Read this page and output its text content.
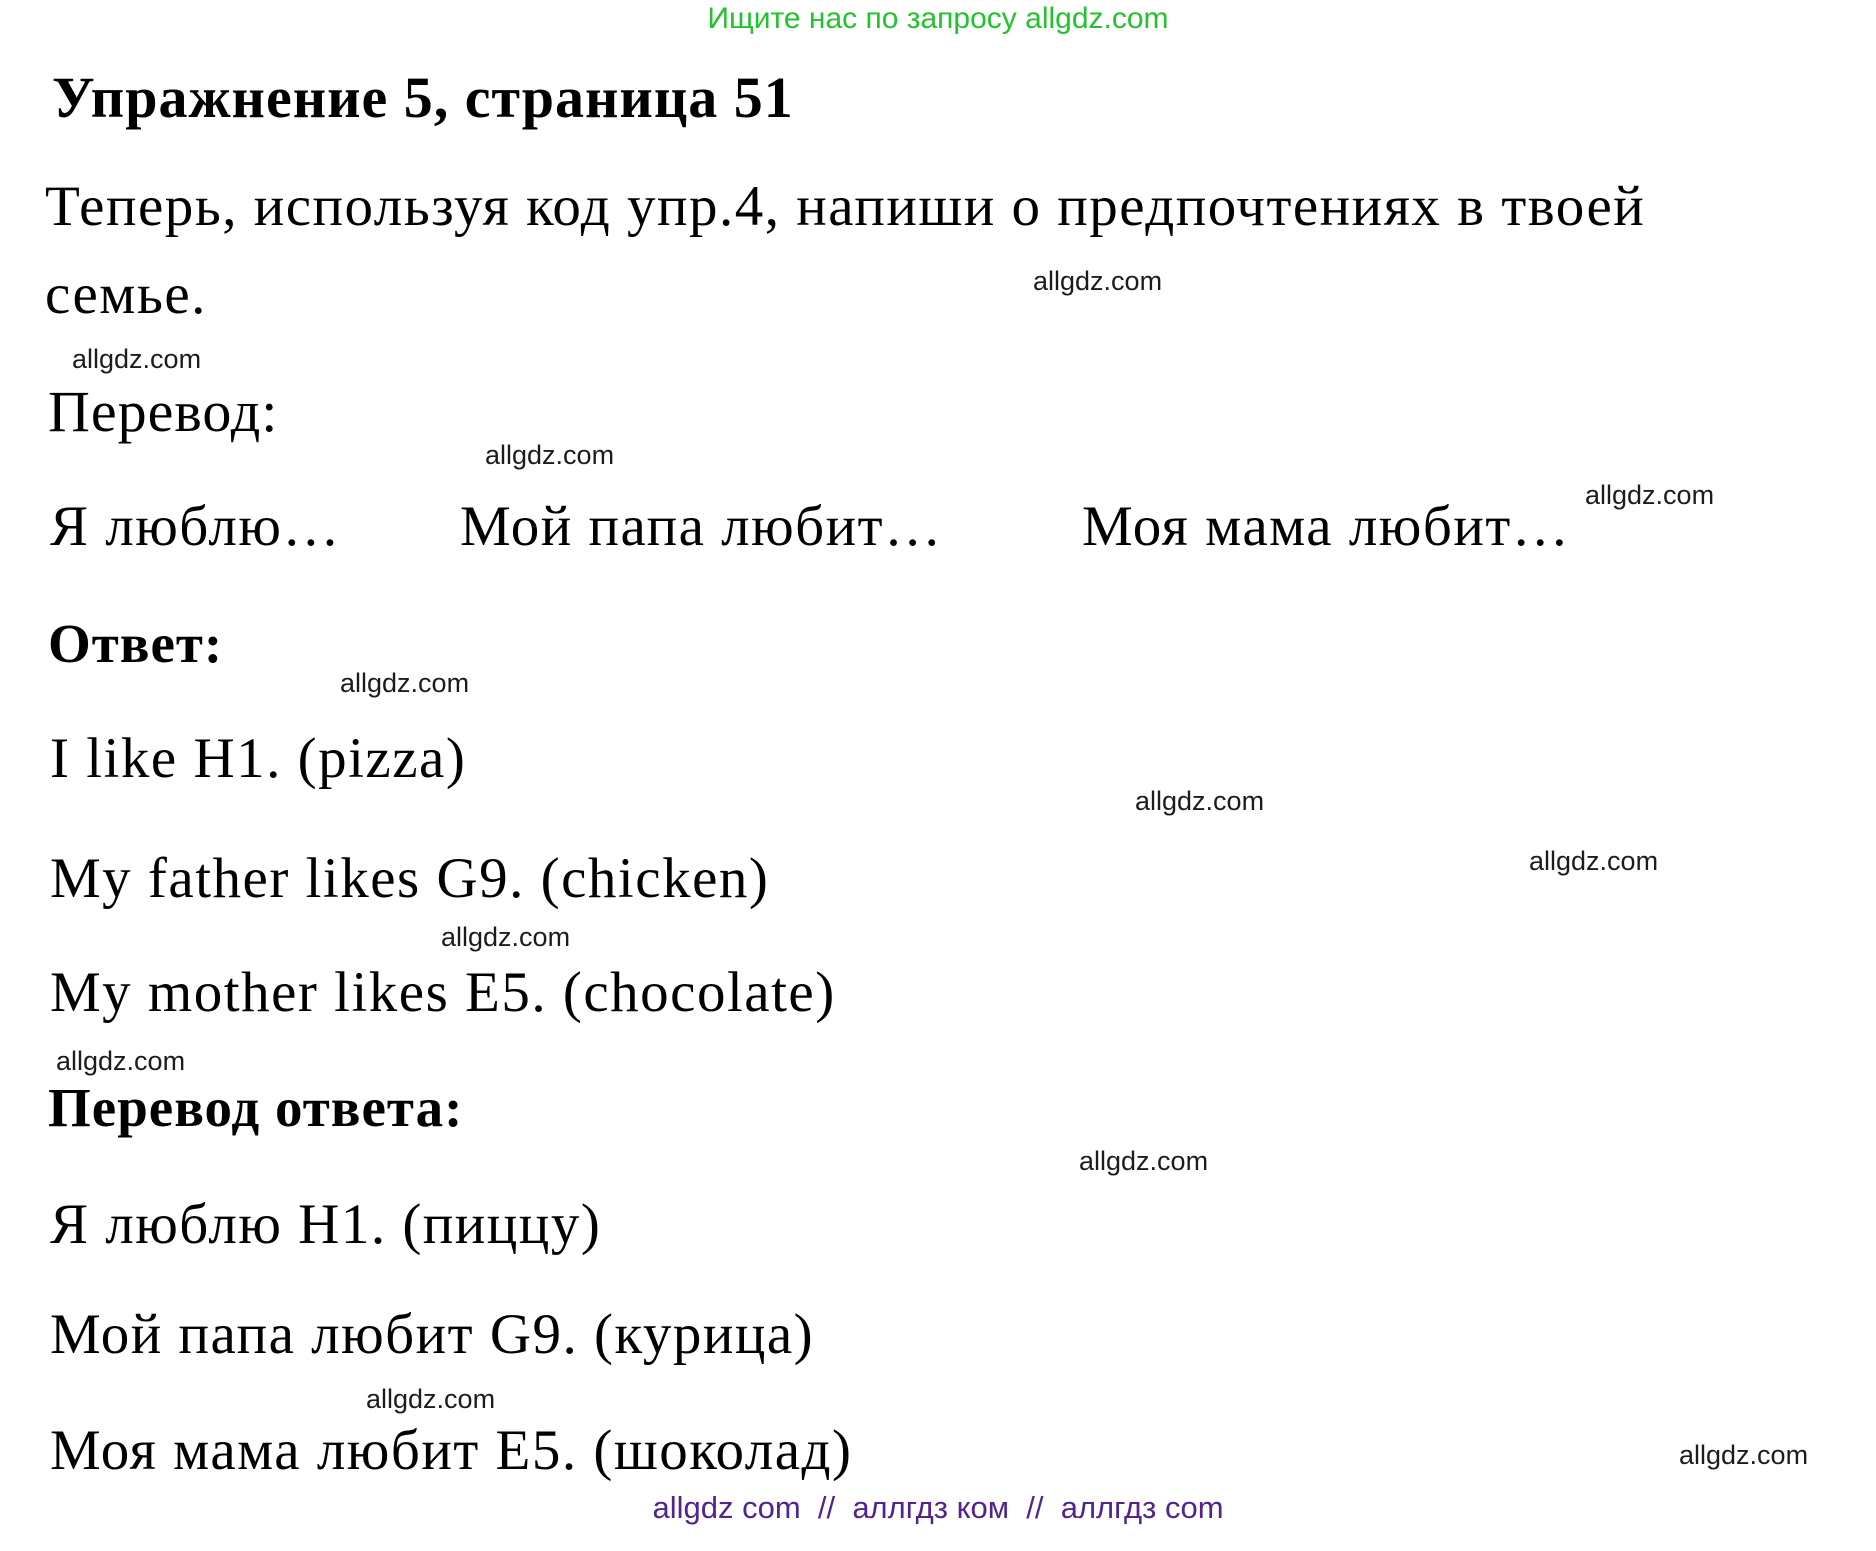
Ищите нас по запросу allgdz.com
Упражнение 5, страница 51
Теперь, используя код упр.4, напиши о предпочтениях в твоей
семье.
Перевод:
Я люблю… Мой папа любит… Моя мама любит…
Ответ:
I like H1. (pizza)
My father likes G9. (chicken)
My mother likes E5. (chocolate)
Перевод ответа:
Я люблю H1. (пиццу)
Мой папа любит G9. (курица)
Моя мама любит E5. (шоколад)
allgdz.com
allgdz.com
allgdz.com
allgdz.com
allgdz.com
allgdz.com
allgdz.com
allgdz.com
allgdz.com
allgdz.com
allgdz.com
allgdz.com
allgdz com  //  аллгдз ком  //  аллгдз com
